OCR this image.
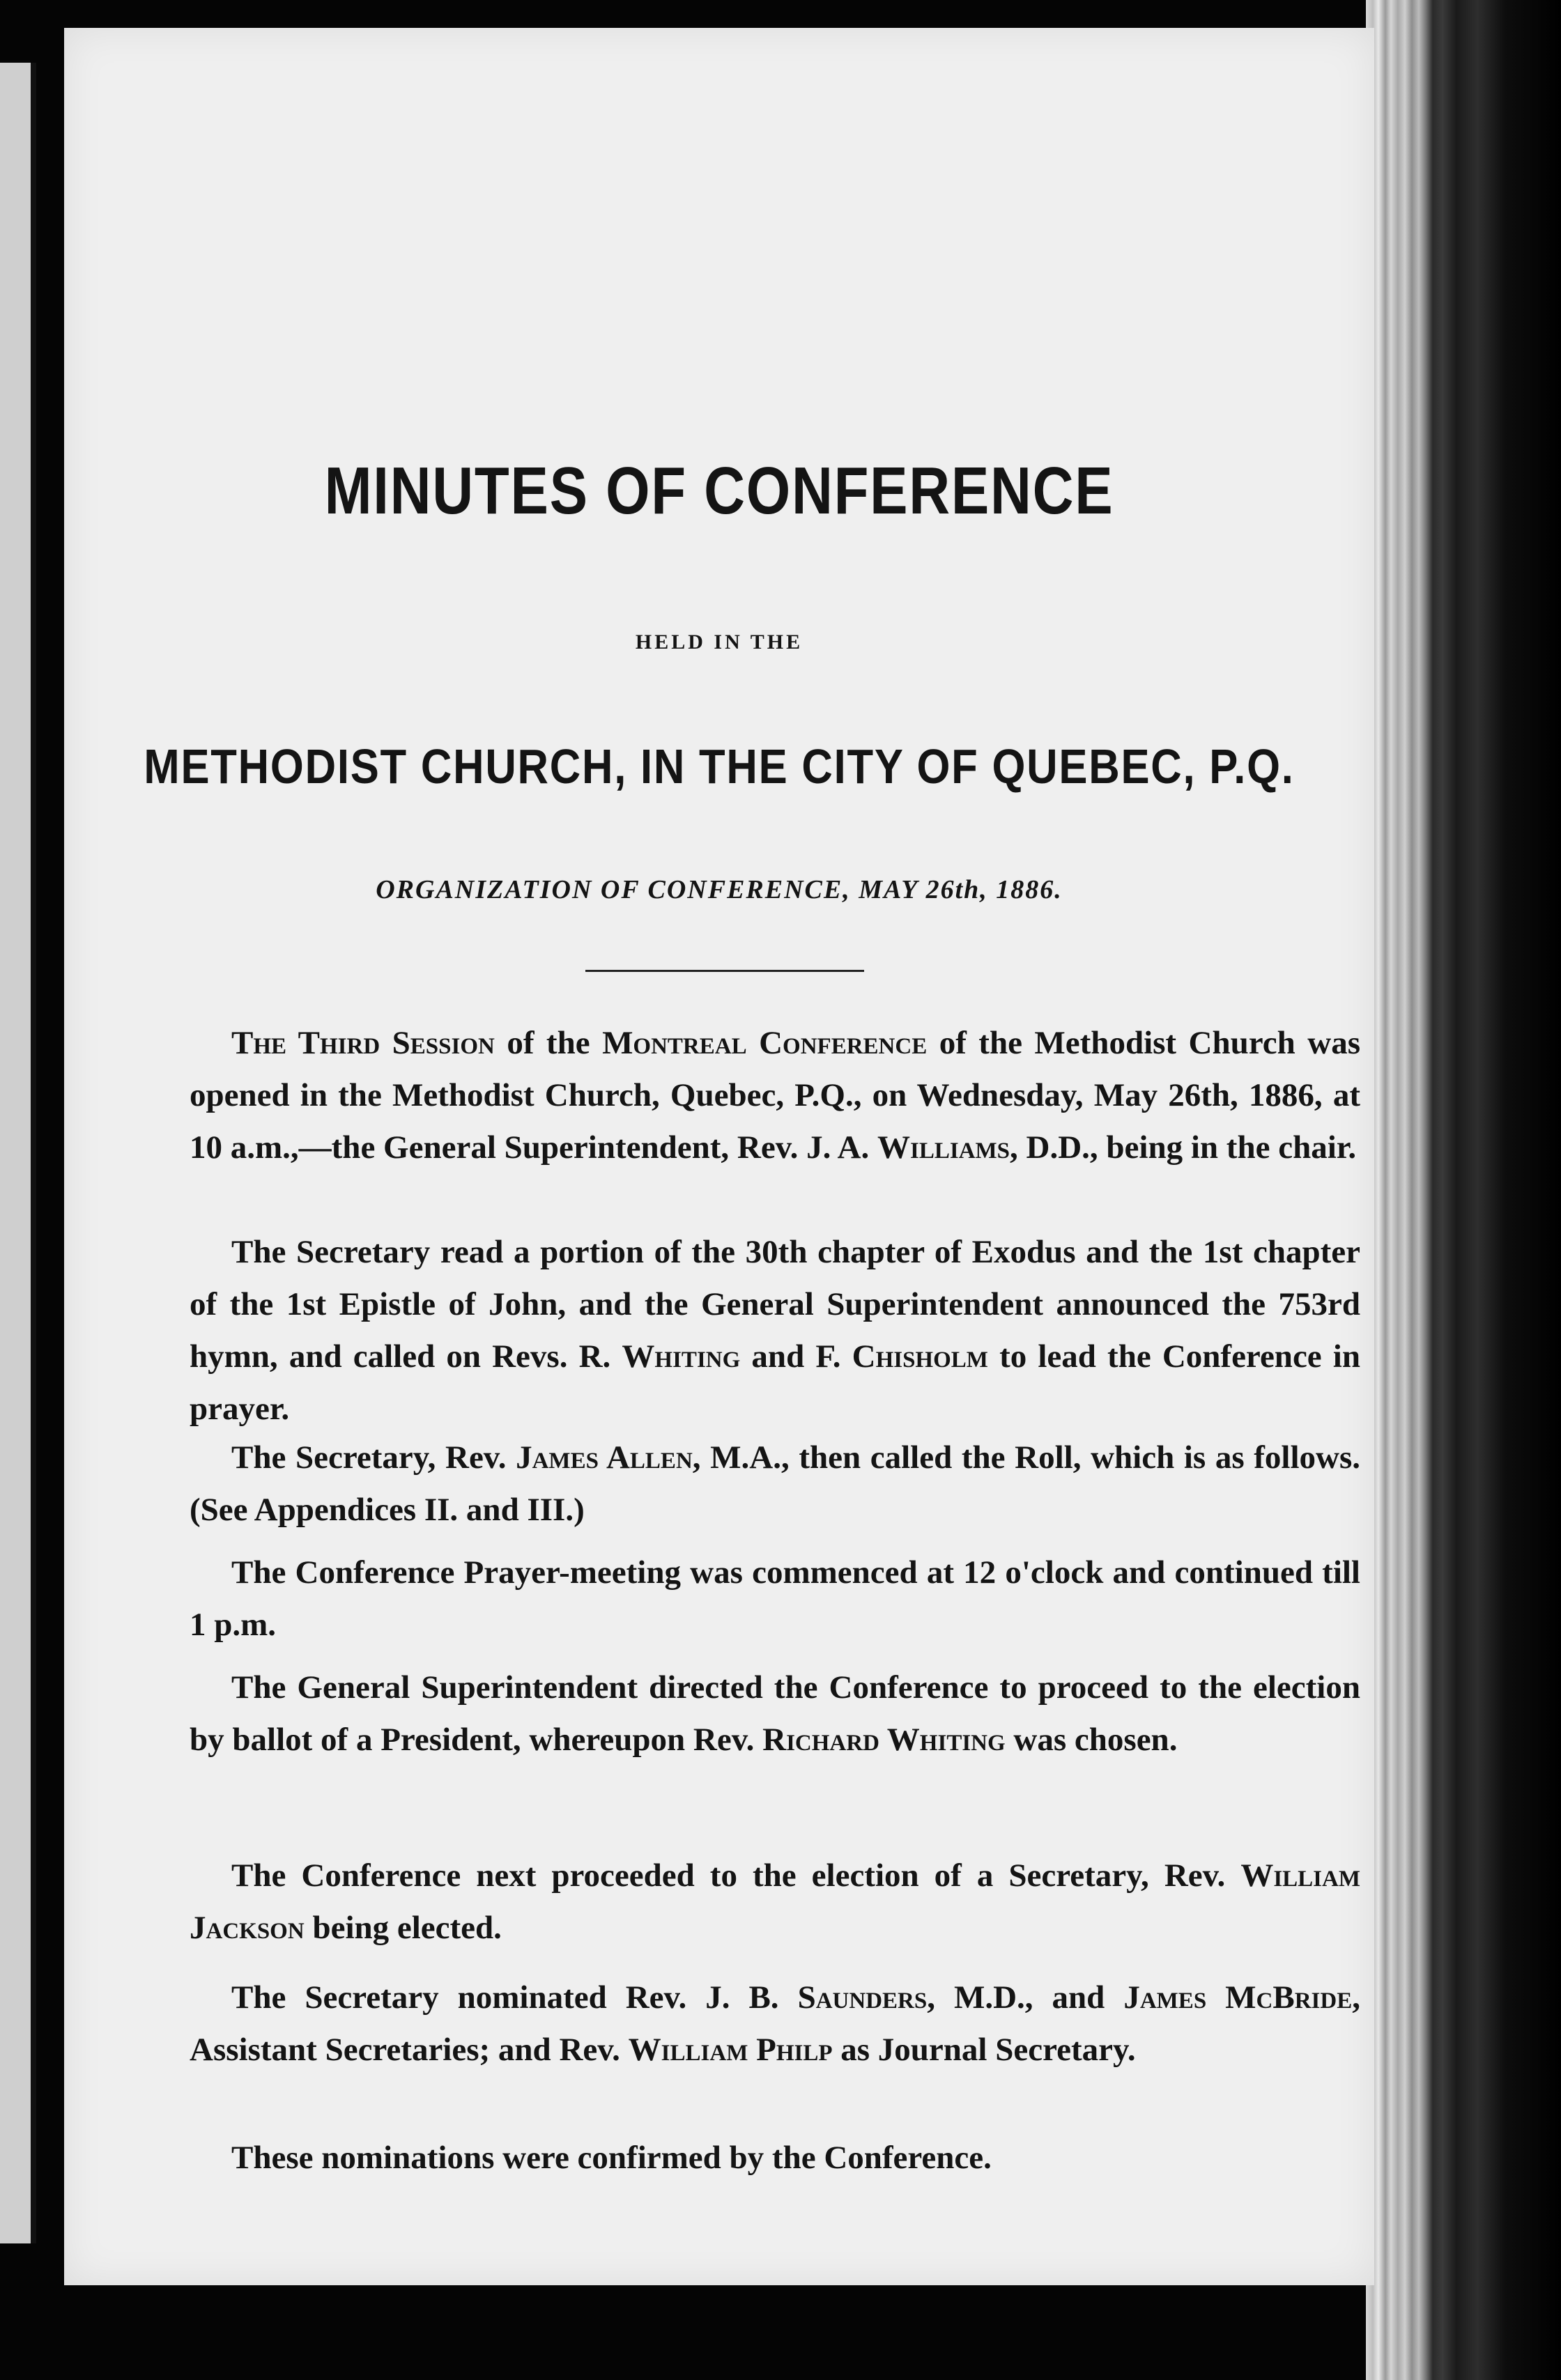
MINUTES OF CONFERENCE

HELD IN THE

METHODIST CHURCH, IN THE CITY OF QUEBEC, P.Q.

ORGANIZATION OF CONFERENCE, MAY 26th, 1886.

The Third Session of the Montreal Conference of the Methodist Church was opened in the Methodist Church, Quebec, P.Q., on Wednesday, May 26th, 1886, at 10 a.m.,—the General Superintendent, Rev. J. A. Williams, D.D., being in the chair.

The Secretary read a portion of the 30th chapter of Exodus and the 1st chapter of the 1st Epistle of John, and the General Superintendent announced the 753rd hymn, and called on Revs. R. Whiting and F. Chisholm to lead the Conference in prayer.

The Secretary, Rev. James Allen, M.A., then called the Roll, which is as follows. (See Appendices II. and III.)

The Conference Prayer-meeting was commenced at 12 o'clock and continued till 1 p.m.

The General Superintendent directed the Conference to proceed to the election by ballot of a President, whereupon Rev. Richard Whiting was chosen.

The Conference next proceeded to the election of a Secretary, Rev. William Jackson being elected.

The Secretary nominated Rev. J. B. Saunders, M.D., and James McBride, Assistant Secretaries; and Rev. William Philp as Journal Secretary.

These nominations were confirmed by the Conference.
